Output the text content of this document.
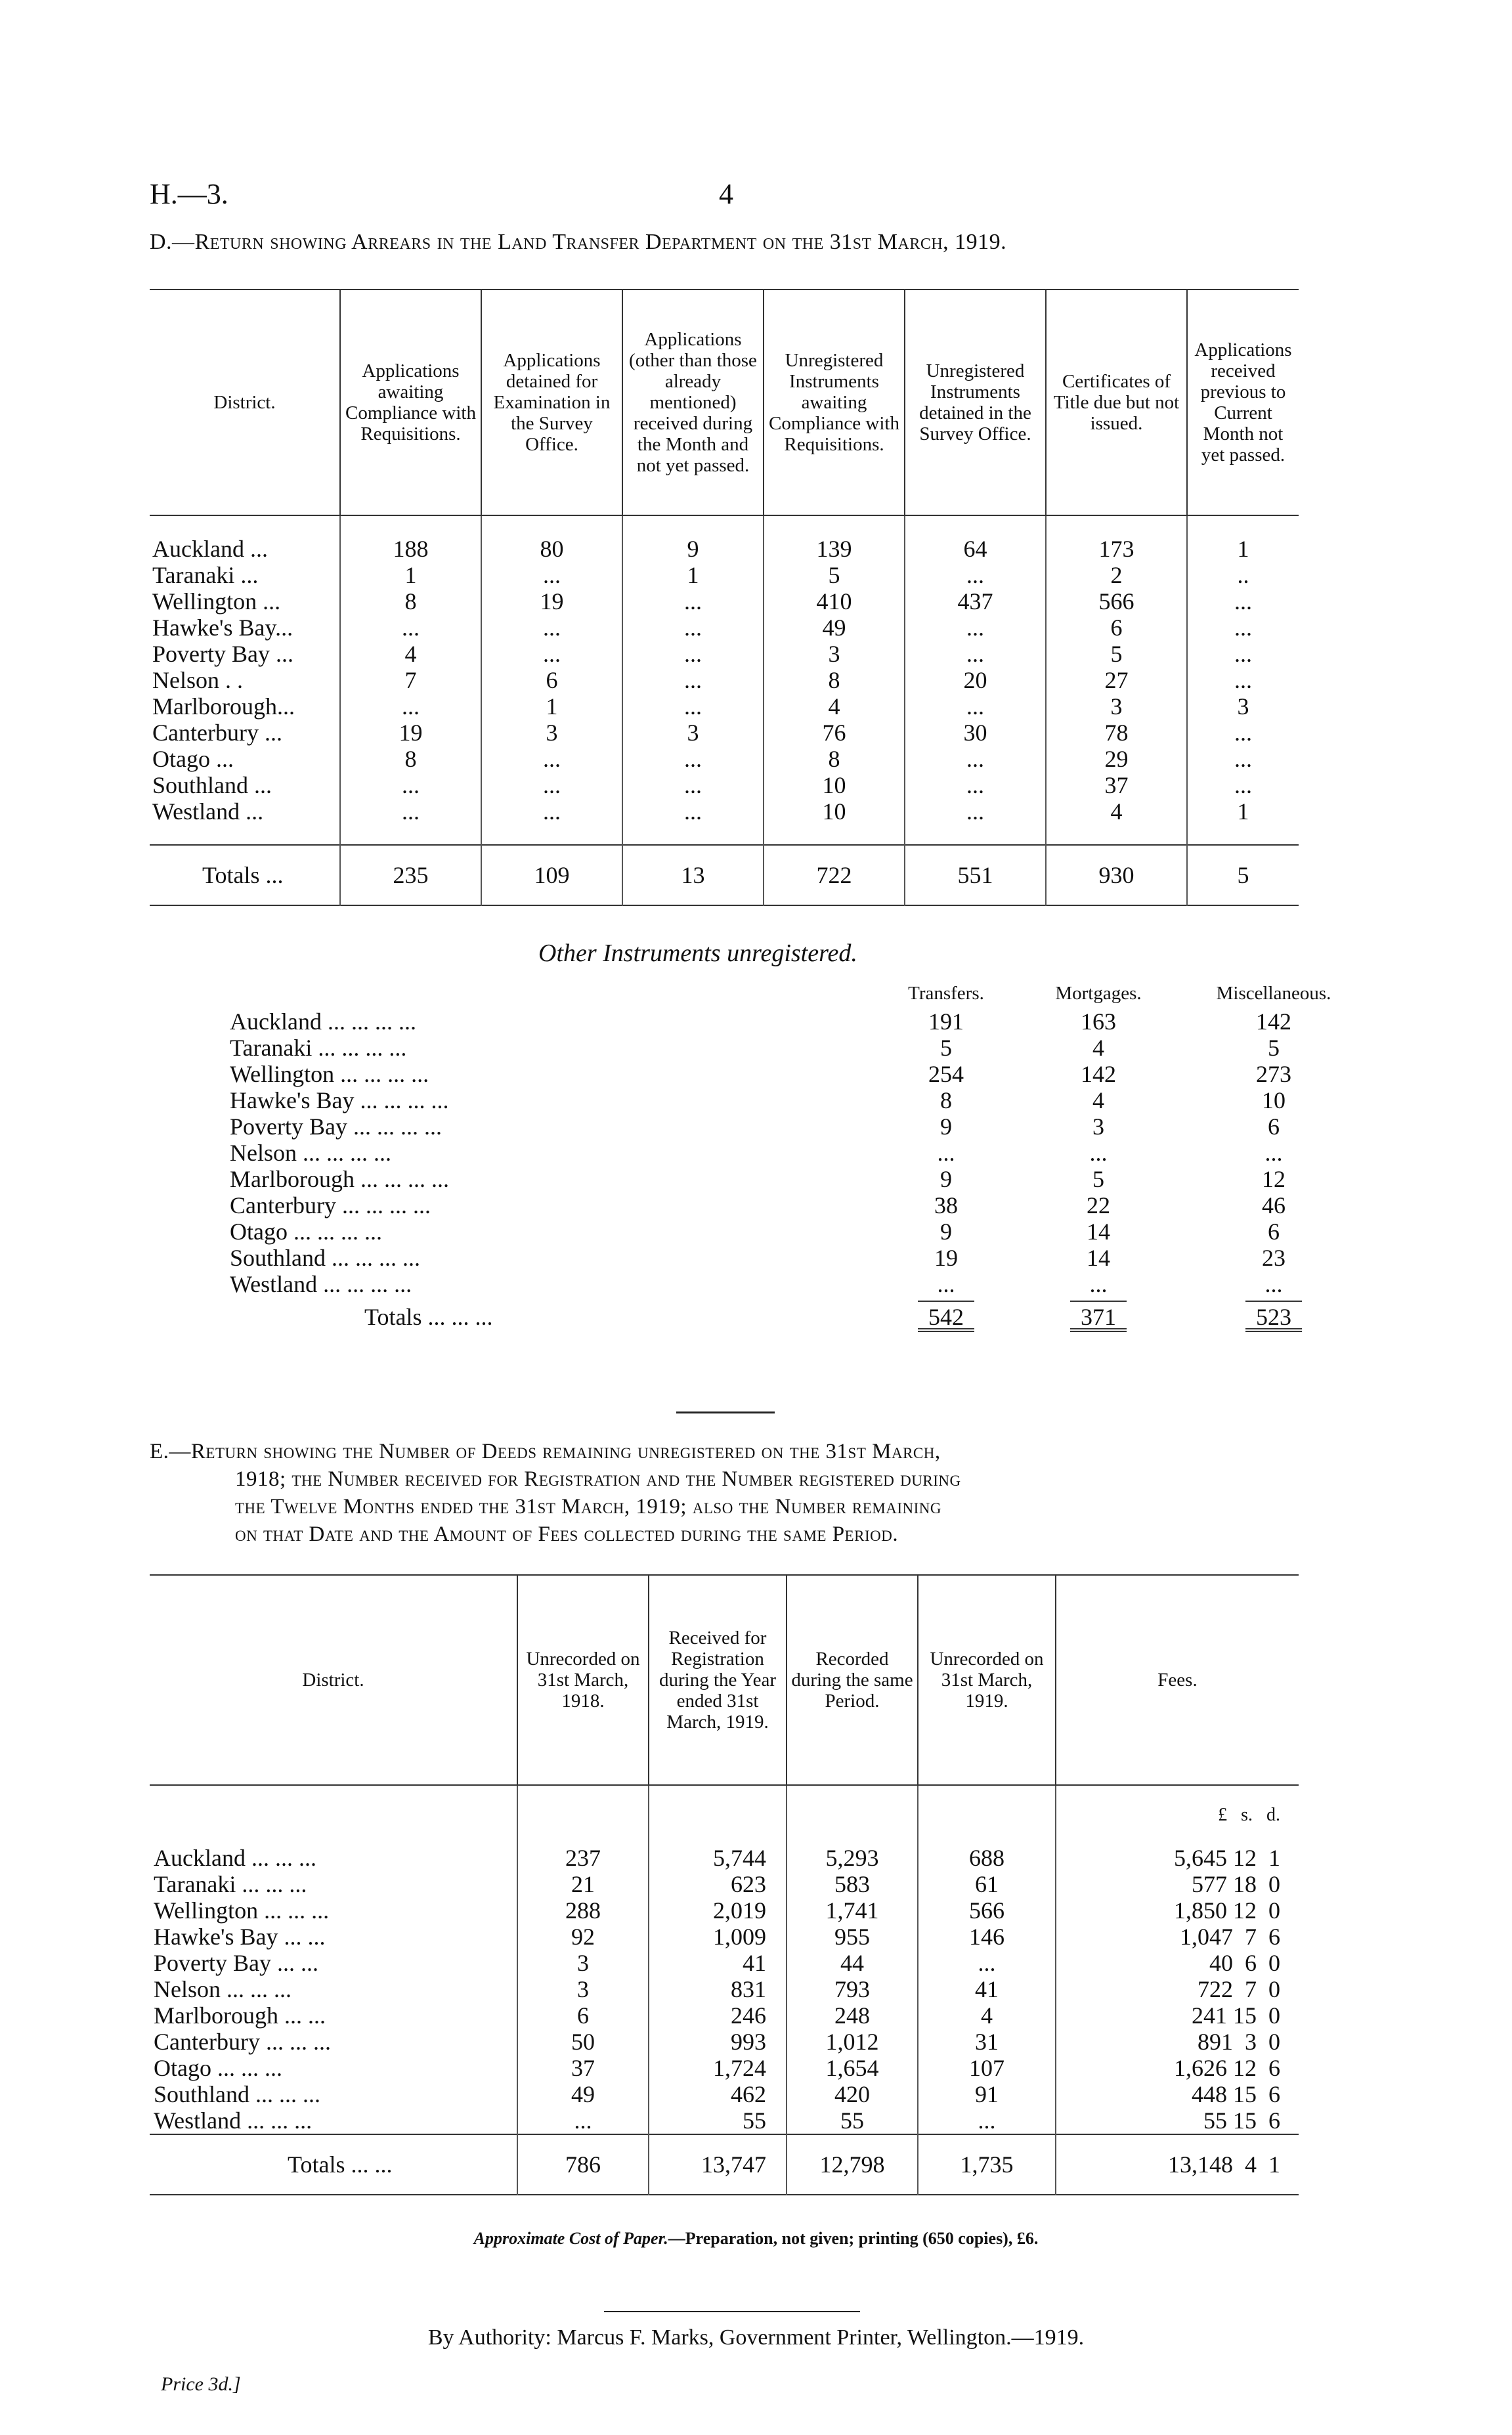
H.—3.	4
D.—Return showing Arrears in the Land Transfer Department on the 31st March, 1919.
District.	Applications awaiting Compliance with Requisitions.	Applications detained for Examination in the Survey Office.	Applications (other than those already mentioned) received during the Month and not yet passed.	Unregistered Instruments awaiting Compliance with Requisitions.	Unregistered Instruments detained in the Survey Office.	Certificates of Title due but not issued.	Applications received previous to Current Month not yet passed.

Auckland ...	188	80	9	139	64	173	1
Taranaki ...	1	...	1	5	...	2	..
Wellington ...	8	19	...	410	437	566	...
Hawke's Bay...	...	...	...	49	...	6	...
Poverty Bay ...	4	...	...	3	...	5	...
Nelson . .	7	6	...	8	20	27	...
Marlborough...	...	1	...	4	...	3	3
Canterbury ...	19	3	3	76	30	78	...
Otago ...	8	...	...	8	...	29	...
Southland ...	...	...	...	10	...	37	...
Westland ...	...	...	...	10	...	4	1

Totals ...	235	109	13	722	551	930	5
Other Instruments unregistered.
	Transfers.	Mortgages.	Miscellaneous.
Auckland ... ... ... ...	191	163	142
Taranaki ... ... ... ...	5	4	5
Wellington ... ... ... ...	254	142	273
Hawke's Bay ... ... ... ...	8	4	10
Poverty Bay ... ... ... ...	9	3	6
Nelson ... ... ... ...	...	...	...
Marlborough ... ... ... ...	9	5	12
Canterbury ... ... ... ...	38	22	46
Otago ... ... ... ...	9	14	6
Southland ... ... ... ...	19	14	23
Westland ... ... ... ...	...	...	...
Totals ... ... ...	542	371	523
E.—Return showing the Number of Deeds remaining unregistered on the 31st March,
1918; the Number received for Registration and the Number registered during
the Twelve Months ended the 31st March, 1919; also the Number remaining
on that Date and the Amount of Fees collected during the same Period.
District.	Unrecorded on 31st March, 1918.	Received for Registration during the Year ended 31st March, 1919.	Recorded during the same Period.	Unrecorded on 31st March, 1919.	Fees.
					£   s.   d.
Auckland ... ... ...	237	5,744	5,293	688	5,645 12  1
Taranaki ... ... ...	21	623	583	61	577 18  0
Wellington ... ... ...	288	2,019	1,741	566	1,850 12  0
Hawke's Bay ... ...	92	1,009	955	146	1,047  7  6
Poverty Bay ... ...	3	41	44	...	40  6  0
Nelson ... ... ...	3	831	793	41	722  7  0
Marlborough ... ...	6	246	248	4	241 15  0
Canterbury ... ... ...	50	993	1,012	31	891  3  0
Otago ... ... ...	37	1,724	1,654	107	1,626 12  6
Southland ... ... ...	49	462	420	91	448 15  6
Westland ... ... ...	...	55	55	...	55 15  6
Totals ... ...	786	13,747	12,798	1,735	13,148  4  1
Approximate Cost of Paper.—Preparation, not given; printing (650 copies), £6.
By Authority: Marcus F. Marks, Government Printer, Wellington.—1919.
Price 3d.]
